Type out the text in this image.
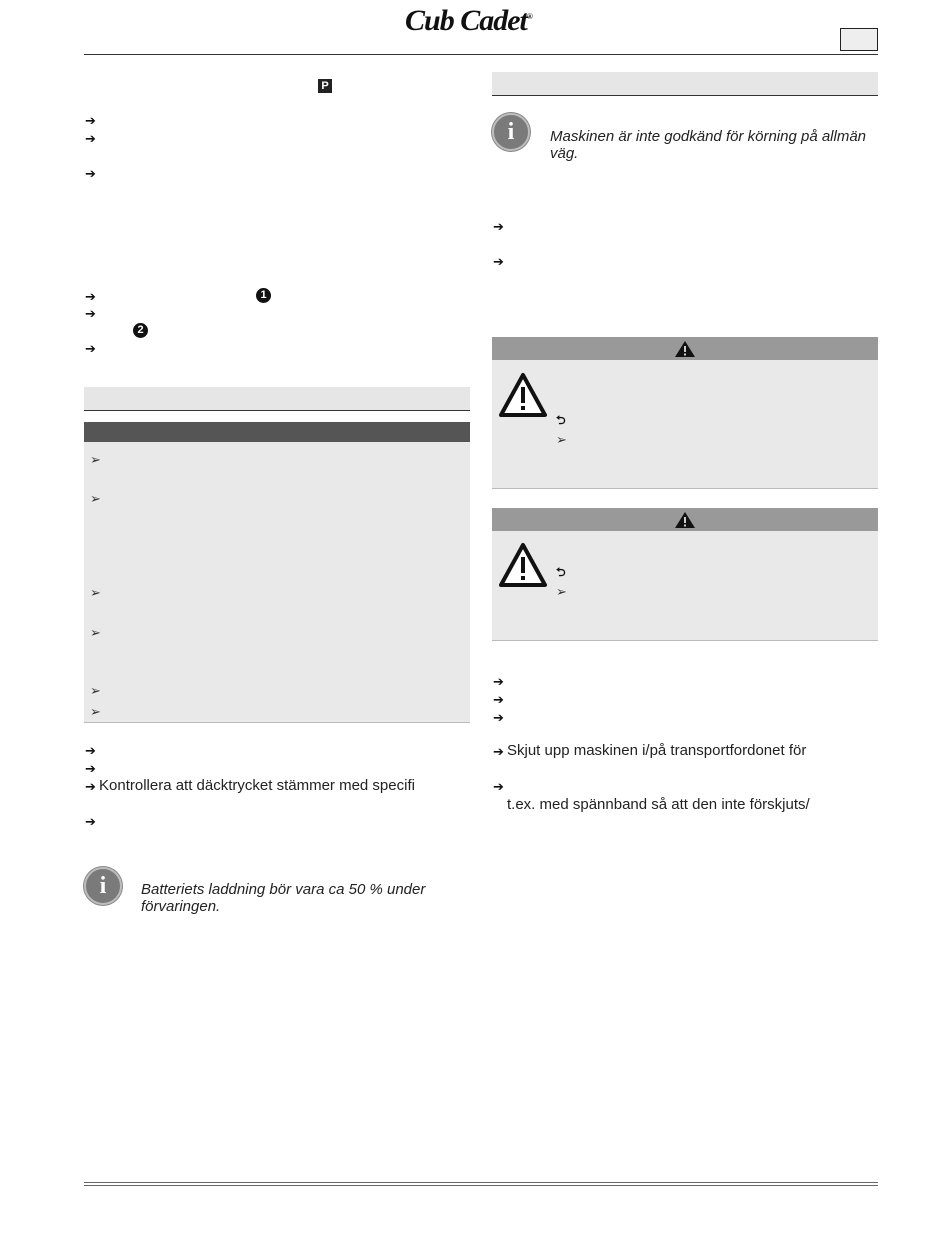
Cub Cadet®
P
➔
➔
➔
➔	1
➔
2
➔
➢
➢
➢
➢
➢
➢
➔
➔
➔ Kontrollera att däcktrycket stämmer med specifi
➔
i	Batteriets laddning bör vara ca 50 % under förvaringen.
i	Maskinen är inte godkänd för körning på allmän väg.
➔
➔
⮌
➢
⮌
➢
➔
➔
➔
➔ Skjut upp maskinen i/på transportfordonet för
➔
t.ex. med spännband så att den inte förskjuts/
